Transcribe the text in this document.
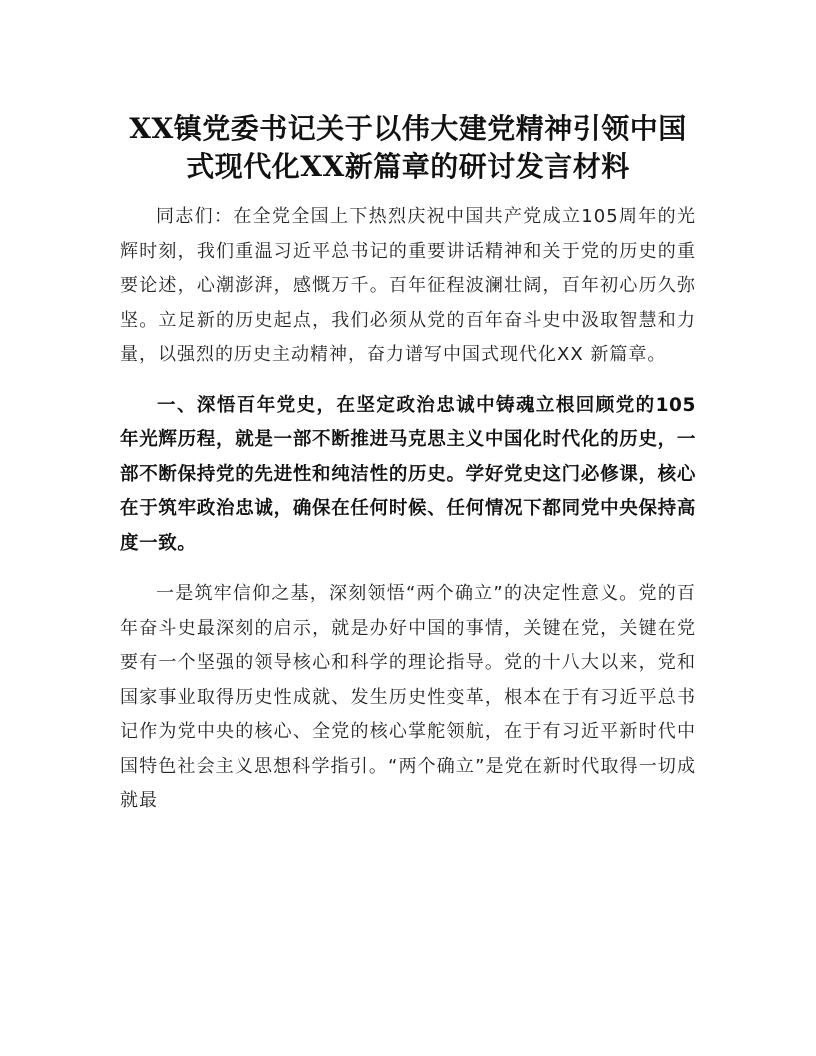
XX镇党委书记关于以伟大建党精神引领中国式现代化XX新篇章的研讨发言材料

同志们：在全党全国上下热烈庆祝中国共产党成立105周年的光辉时刻，我们重温习近平总书记的重要讲话精神和关于党的历史的重要论述，心潮澎湃，感慨万千。百年征程波澜壮阔，百年初心历久弥坚。立足新的历史起点，我们必须从党的百年奋斗史中汲取智慧和力量，以强烈的历史主动精神，奋力谱写中国式现代化XX 新篇章。

一、深悟百年党史，在坚定政治忠诚中铸魂立根回顾党的105 年光辉历程，就是一部不断推进马克思主义中国化时代化的历史，一部不断保持党的先进性和纯洁性的历史。学好党史这门必修课，核心在于筑牢政治忠诚，确保在任何时候、任何情况下都同党中央保持高度一致。

一是筑牢信仰之基，深刻领悟“两个确立”的决定性意义。党的百年奋斗史最深刻的启示，就是办好中国的事情，关键在党，关键在党要有一个坚强的领导核心和科学的理论指导。党的十八大以来，党和国家事业取得历史性成就、发生历史性变革，根本在于有习近平总书记作为党中央的核心、全党的核心掌舵领航，在于有习近平新时代中国特色社会主义思想科学指引。“两个确立”是党在新时代取得一切成就最
